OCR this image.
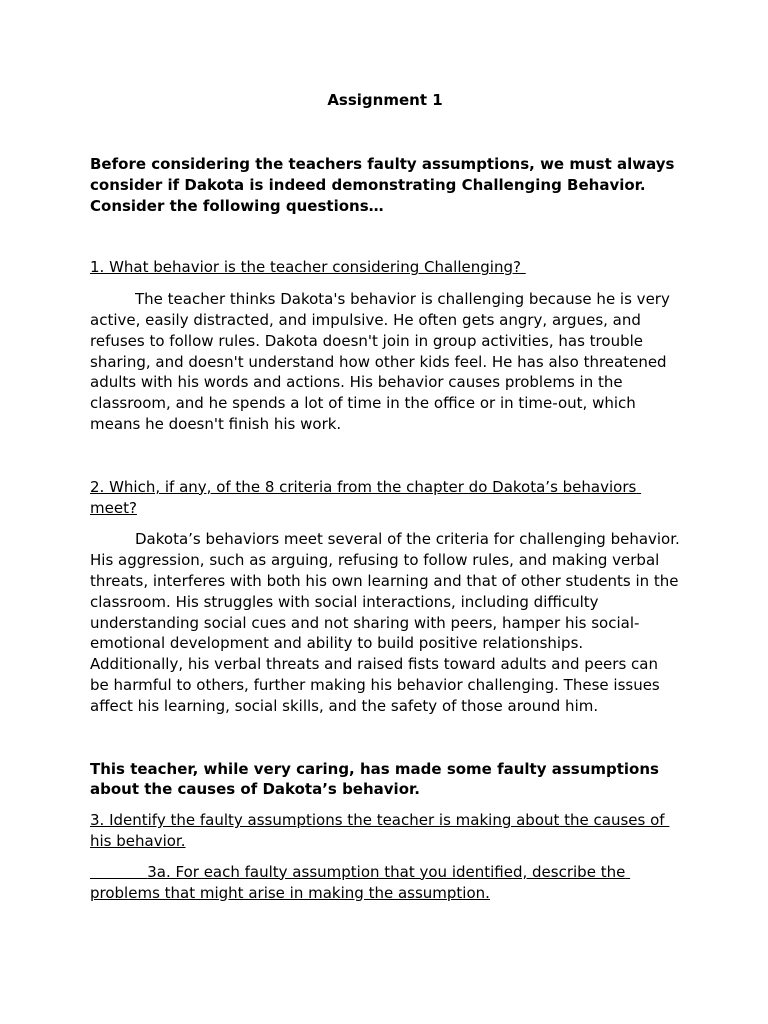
Assignment 1

Before considering the teachers faulty assumptions, we must always consider if Dakota is indeed demonstrating Challenging Behavior. Consider the following questions…

1. What behavior is the teacher considering Challenging?

The teacher thinks Dakota's behavior is challenging because he is very active, easily distracted, and impulsive. He often gets angry, argues, and refuses to follow rules. Dakota doesn't join in group activities, has trouble sharing, and doesn't understand how other kids feel. He has also threatened adults with his words and actions. His behavior causes problems in the classroom, and he spends a lot of time in the office or in time-out, which means he doesn't finish his work.

2. Which, if any, of the 8 criteria from the chapter do Dakota’s behaviors meet?

Dakota’s behaviors meet several of the criteria for challenging behavior. His aggression, such as arguing, refusing to follow rules, and making verbal threats, interferes with both his own learning and that of other students in the classroom. His struggles with social interactions, including difficulty understanding social cues and not sharing with peers, hamper his social-emotional development and ability to build positive relationships. Additionally, his verbal threats and raised fists toward adults and peers can be harmful to others, further making his behavior challenging. These issues affect his learning, social skills, and the safety of those around him.

This teacher, while very caring, has made some faulty assumptions about the causes of Dakota’s behavior.

3. Identify the faulty assumptions the teacher is making about the causes of his behavior.

3a. For each faulty assumption that you identified, describe the problems that might arise in making the assumption.
